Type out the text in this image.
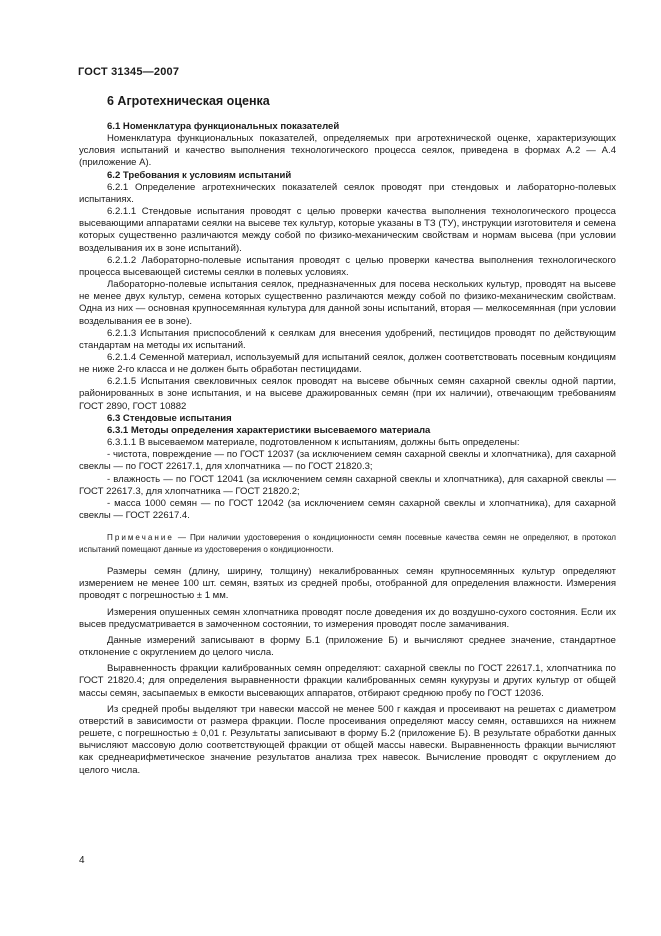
ГОСТ 31345—2007

6 Агротехническая оценка

6.1 Номенклатура функциональных показателей

Номенклатура функциональных показателей, определяемых при агротехнической оценке, характеризующих условия испытаний и качество выполнения технологического процесса сеялок, приведена в формах А.2 — А.4 (приложение А).

6.2 Требования к условиям испытаний

6.2.1 Определение агротехнических показателей сеялок проводят при стендовых и лабораторно-полевых испытаниях.

6.2.1.1 Стендовые испытания проводят с целью проверки качества выполнения технологического процесса высевающими аппаратами сеялки на высеве тех культур, которые указаны в ТЗ (ТУ), инструкции изготовителя и семена которых существенно различаются между собой по физико-механическим свойствам и нормам высева (при условии возделывания их в зоне испытаний).

6.2.1.2 Лабораторно-полевые испытания проводят с целью проверки качества выполнения технологического процесса высевающей системы сеялки в полевых условиях.

Лабораторно-полевые испытания сеялок, предназначенных для посева нескольких культур, проводят на высеве не менее двух культур, семена которых существенно различаются между собой по физико-механическим свойствам. Одна из них — основная крупносемянная культура для данной зоны испытаний, вторая — мелкосемянная (при условии возделывания ее в зоне).

6.2.1.3 Испытания приспособлений к сеялкам для внесения удобрений, пестицидов проводят по действующим стандартам на методы их испытаний.

6.2.1.4 Семенной материал, используемый для испытаний сеялок, должен соответствовать посевным кондициям не ниже 2-го класса и не должен быть обработан пестицидами.

6.2.1.5 Испытания свекловичных сеялок проводят на высеве обычных семян сахарной свеклы одной партии, районированных в зоне испытания, и на высеве дражированных семян (при их наличии), отвечающим требованиям ГОСТ 2890, ГОСТ 10882

6.3 Стендовые испытания

6.3.1 Методы определения характеристики высеваемого материала

6.3.1.1 В высеваемом материале, подготовленном к испытаниям, должны быть определены:

- чистота, повреждение — по ГОСТ 12037 (за исключением семян сахарной свеклы и хлопчатника), для сахарной свеклы — по ГОСТ 22617.1, для хлопчатника — по ГОСТ 21820.3;

- влажность — по ГОСТ 12041 (за исключением семян сахарной свеклы и хлопчатника), для сахарной свеклы — ГОСТ 22617.3, для хлопчатника — ГОСТ 21820.2;

- масса 1000 семян — по ГОСТ 12042 (за исключением семян сахарной свеклы и хлопчатника), для сахарной свеклы — ГОСТ 22617.4.

Примечание — При наличии удостоверения о кондиционности семян посевные качества семян не определяют, в протокол испытаний помещают данные из удостоверения о кондиционности.

Размеры семян (длину, ширину, толщину) некалиброванных семян крупносемянных культур определяют измерением не менее 100 шт. семян, взятых из средней пробы, отобранной для определения влажности. Измерения проводят с погрешностью ± 1 мм.

Измерения опушенных семян хлопчатника проводят после доведения их до воздушно-сухого состояния. Если их высев предусматривается в замоченном состоянии, то измерения проводят после замачивания.

Данные измерений записывают в форму Б.1 (приложение Б) и вычисляют среднее значение, стандартное отклонение с округлением до целого числа.

Выравненность фракции калиброванных семян определяют: сахарной свеклы по ГОСТ 22617.1, хлопчатника по ГОСТ 21820.4; для определения выравненности фракции калиброванных семян кукурузы и других культур от общей массы семян, засыпаемых в емкости высевающих аппаратов, отбирают среднюю пробу по ГОСТ 12036.

Из средней пробы выделяют три навески массой не менее 500 г каждая и просеивают на решетах с диаметром отверстий в зависимости от размера фракции. После просеивания определяют массу семян, оставшихся на нижнем решете, с погрешностью ± 0,01 г. Результаты записывают в форму Б.2 (приложение Б). В результате обработки данных вычисляют массовую долю соответствующей фракции от общей массы навески. Выравненность фракции вычисляют как среднеарифметическое значение результатов анализа трех навесок. Вычисление проводят с округлением до целого числа.

4
